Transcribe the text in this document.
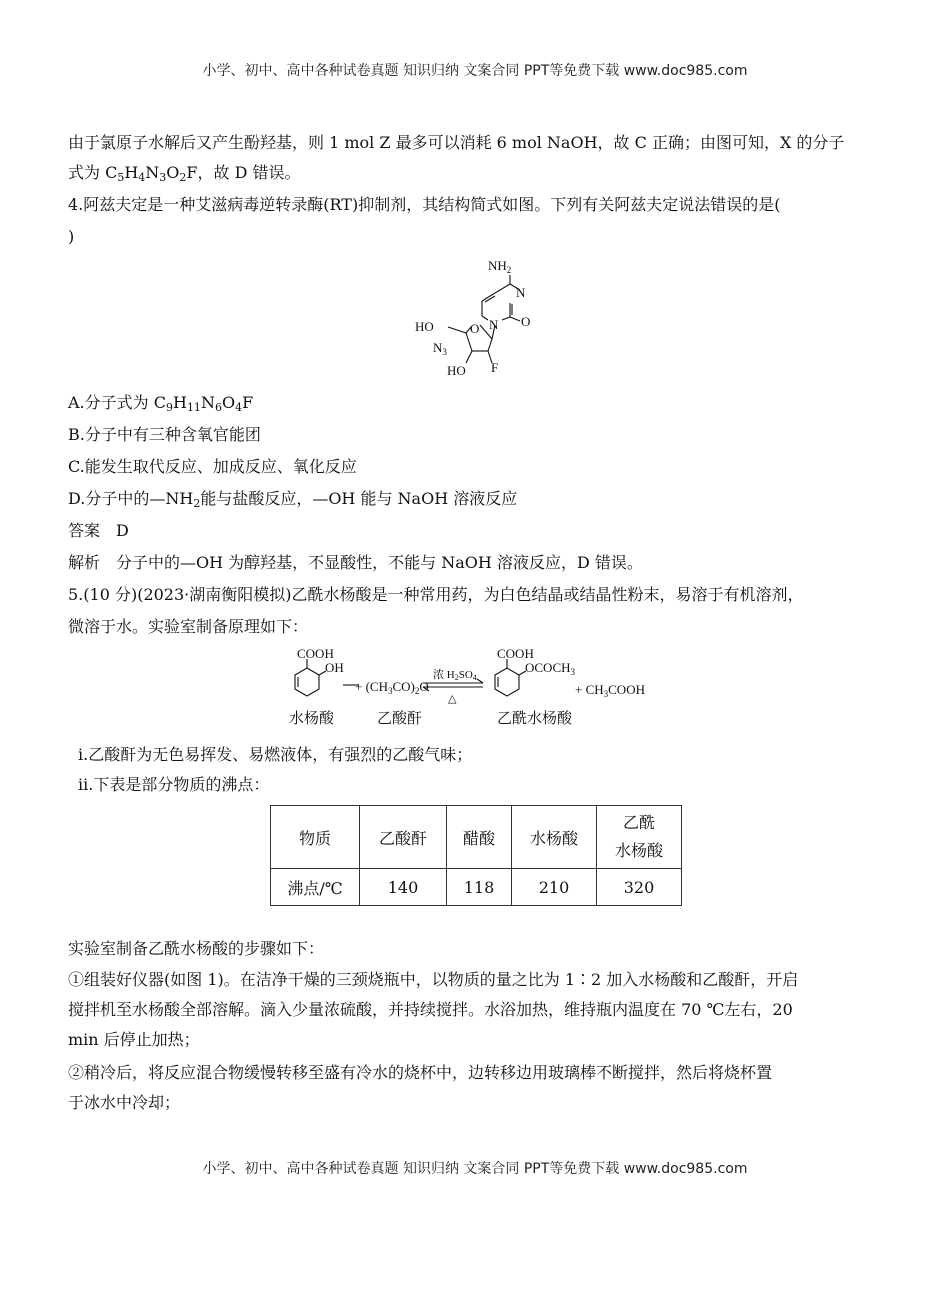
小学、初中、高中各种试卷真题 知识归纳 文案合同 PPT等免费下载 www.doc985.com

由于氯原子水解后又产生酚羟基，则 1 mol Z 最多可以消耗 6 mol NaOH，故 C 正确；由图可知，X 的分子

式为 $C_5H_4N_3O_2F$，故 D 错误。

4.阿兹夫定是一种艾滋病毒逆转录酶(RT)抑制剂，其结构简式如图。下列有关阿兹夫定说法错误的是(

)

$NH_2$
N
N O
O
HO
$N_3$
HO F

A.分子式为 $C_9H_{11}N_6O_4F$

B.分子中有三种含氧官能团

C.能发生取代反应、加成反应、氧化反应

D.分子中的$—NH_2$能与盐酸反应，—OH 能与 NaOH 溶液反应

答案　D

解析　分子中的—OH 为醇羟基，不显酸性，不能与 NaOH 溶液反应，D 错误。

5.(10 分)(2023·湖南衡阳模拟)乙酰水杨酸是一种常用药，为白色结晶或结晶性粉末，易溶于有机溶剂，

微溶于水。实验室制备原理如下：

COOH
OH
+ $(CH_3CO)_2O$
浓 H2SO4
△
COOH
$OCOCH_3$
+ $CH_3COOH$
水杨酸	乙酸酐	乙酰水杨酸

ⅰ.乙酸酐为无色易挥发、易燃液体，有强烈的乙酸气味；

ⅱ.下表是部分物质的沸点：

物质	乙酸酐	醋酸	水杨酸	乙酰
水杨酸
沸点/℃	140	118	210	320

实验室制备乙酰水杨酸的步骤如下：

①组装好仪器(如图 1)。在洁净干燥的三颈烧瓶中，以物质的量之比为 1∶2 加入水杨酸和乙酸酐，开启

搅拌机至水杨酸全部溶解。滴入少量浓硫酸，并持续搅拌。水浴加热，维持瓶内温度在 70 ℃左右，20

min 后停止加热；

②稍冷后，将反应混合物缓慢转移至盛有冷水的烧杯中，边转移边用玻璃棒不断搅拌，然后将烧杯置

于冰水中冷却；

小学、初中、高中各种试卷真题 知识归纳 文案合同 PPT等免费下载 www.doc985.com
